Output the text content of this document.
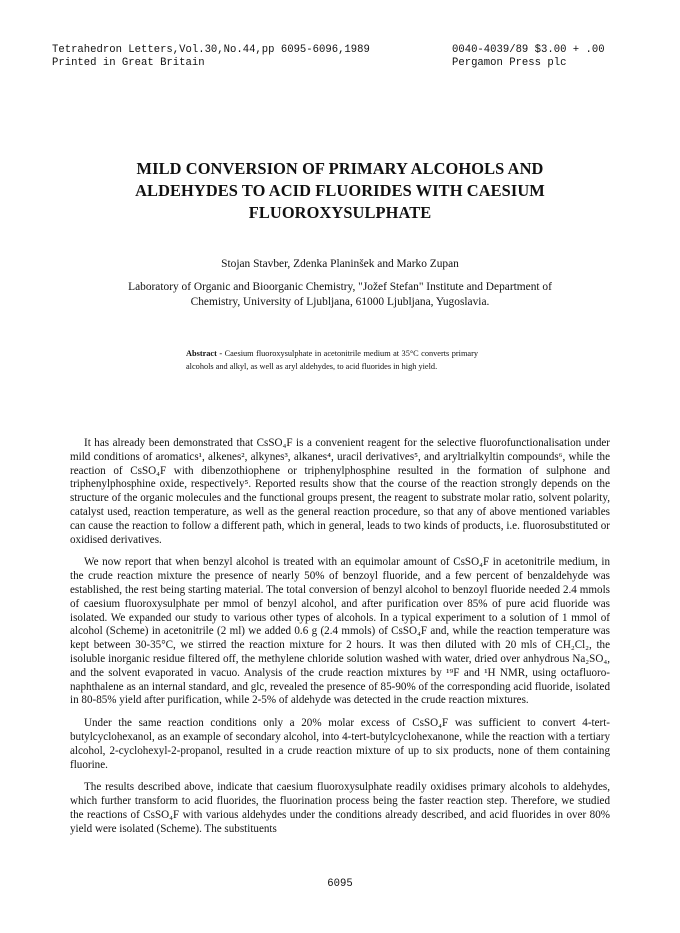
Tetrahedron Letters,Vol.30,No.44,pp 6095-6096,1989
Printed in Great Britain
0040-4039/89 $3.00 + .00
Pergamon Press plc
MILD CONVERSION OF PRIMARY ALCOHOLS AND
ALDEHYDES TO ACID FLUORIDES WITH CAESIUM
FLUOROXYSULPHATE
Stojan Stavber, Zdenka Planinšek and Marko Zupan
Laboratory of Organic and Bioorganic Chemistry, "Jožef Stefan" Institute and Department of
Chemistry, University of Ljubljana, 61000 Ljubljana, Yugoslavia.
Abstract - Caesium fluoroxysulphate in acetonitrile medium at 35°C converts primary alcohols and alkyl, as well as aryl aldehydes, to acid fluorides in high yield.

It has already been demonstrated that CsSO₄F is a convenient reagent for the selective fluorofunctionalisation under mild conditions of aromatics¹, alkenes², alkynes³, alkanes⁴, uracil derivatives⁵, and aryltrialkyltin compounds⁶, while the reaction of CsSO₄F with dibenzothiophene or triphenylphosphine resulted in the formation of sulphone and triphenylphosphine oxide, respectively⁵. Reported results show that the course of the reaction strongly depends on the structure of the organic molecules and the functional groups present, the reagent to substrate molar ratio, solvent polarity, catalyst used, reaction temperature, as well as the general reaction procedure, so that any of above mentioned variables can cause the reaction to follow a different path, which in general, leads to two kinds of products, i.e. fluorosubstituted or oxidised derivatives.

We now report that when benzyl alcohol is treated with an equimolar amount of CsSO₄F in acetonitrile medium, in the crude reaction mixture the presence of nearly 50% of benzoyl fluoride, and a few percent of benzaldehyde was established, the rest being starting material. The total conversion of benzyl alcohol to benzoyl fluoride needed 2.4 mmols of caesium fluoroxysulphate per mmol of benzyl alcohol, and after purification over 85% of pure acid fluoride was isolated. We expanded our study to various other types of alcohols. In a typical experiment to a solution of 1 mmol of alcohol (Scheme) in acetonitrile (2 ml) we added 0.6 g (2.4 mmols) of CsSO₄F and, while the reaction temperature was kept between 30-35°C, we stirred the reaction mixture for 2 hours. It was then diluted with 20 mls of CH₂Cl₂, the isoluble inorganic residue filtered off, the methylene chloride solution washed with water, dried over anhydrous Na₂SO₄, and the solvent evaporated in vacuo. Analysis of the crude reaction mixtures by ¹⁹F and ¹H NMR, using octafluoro-naphthalene as an internal standard, and glc, revealed the presence of 85-90% of the corresponding acid fluoride, isolated in 80-85% yield after purification, while 2-5% of aldehyde was detected in the crude reaction mixtures.

Under the same reaction conditions only a 20% molar excess of CsSO₄F was sufficient to convert 4-tert-butylcyclohexanol, as an example of secondary alcohol, into 4-tert-butylcyclohexanone, while the reaction with a tertiary alcohol, 2-cyclohexyl-2-propanol, resulted in a crude reaction mixture of up to six products, none of them containing fluorine.

The results described above, indicate that caesium fluoroxysulphate readily oxidises primary alcohols to aldehydes, which further transform to acid fluorides, the fluorination process being the faster reaction step. Therefore, we studied the reactions of CsSO₄F with various aldehydes under the conditions already described, and acid fluorides in over 80% yield were isolated (Scheme). The substituents

6095
